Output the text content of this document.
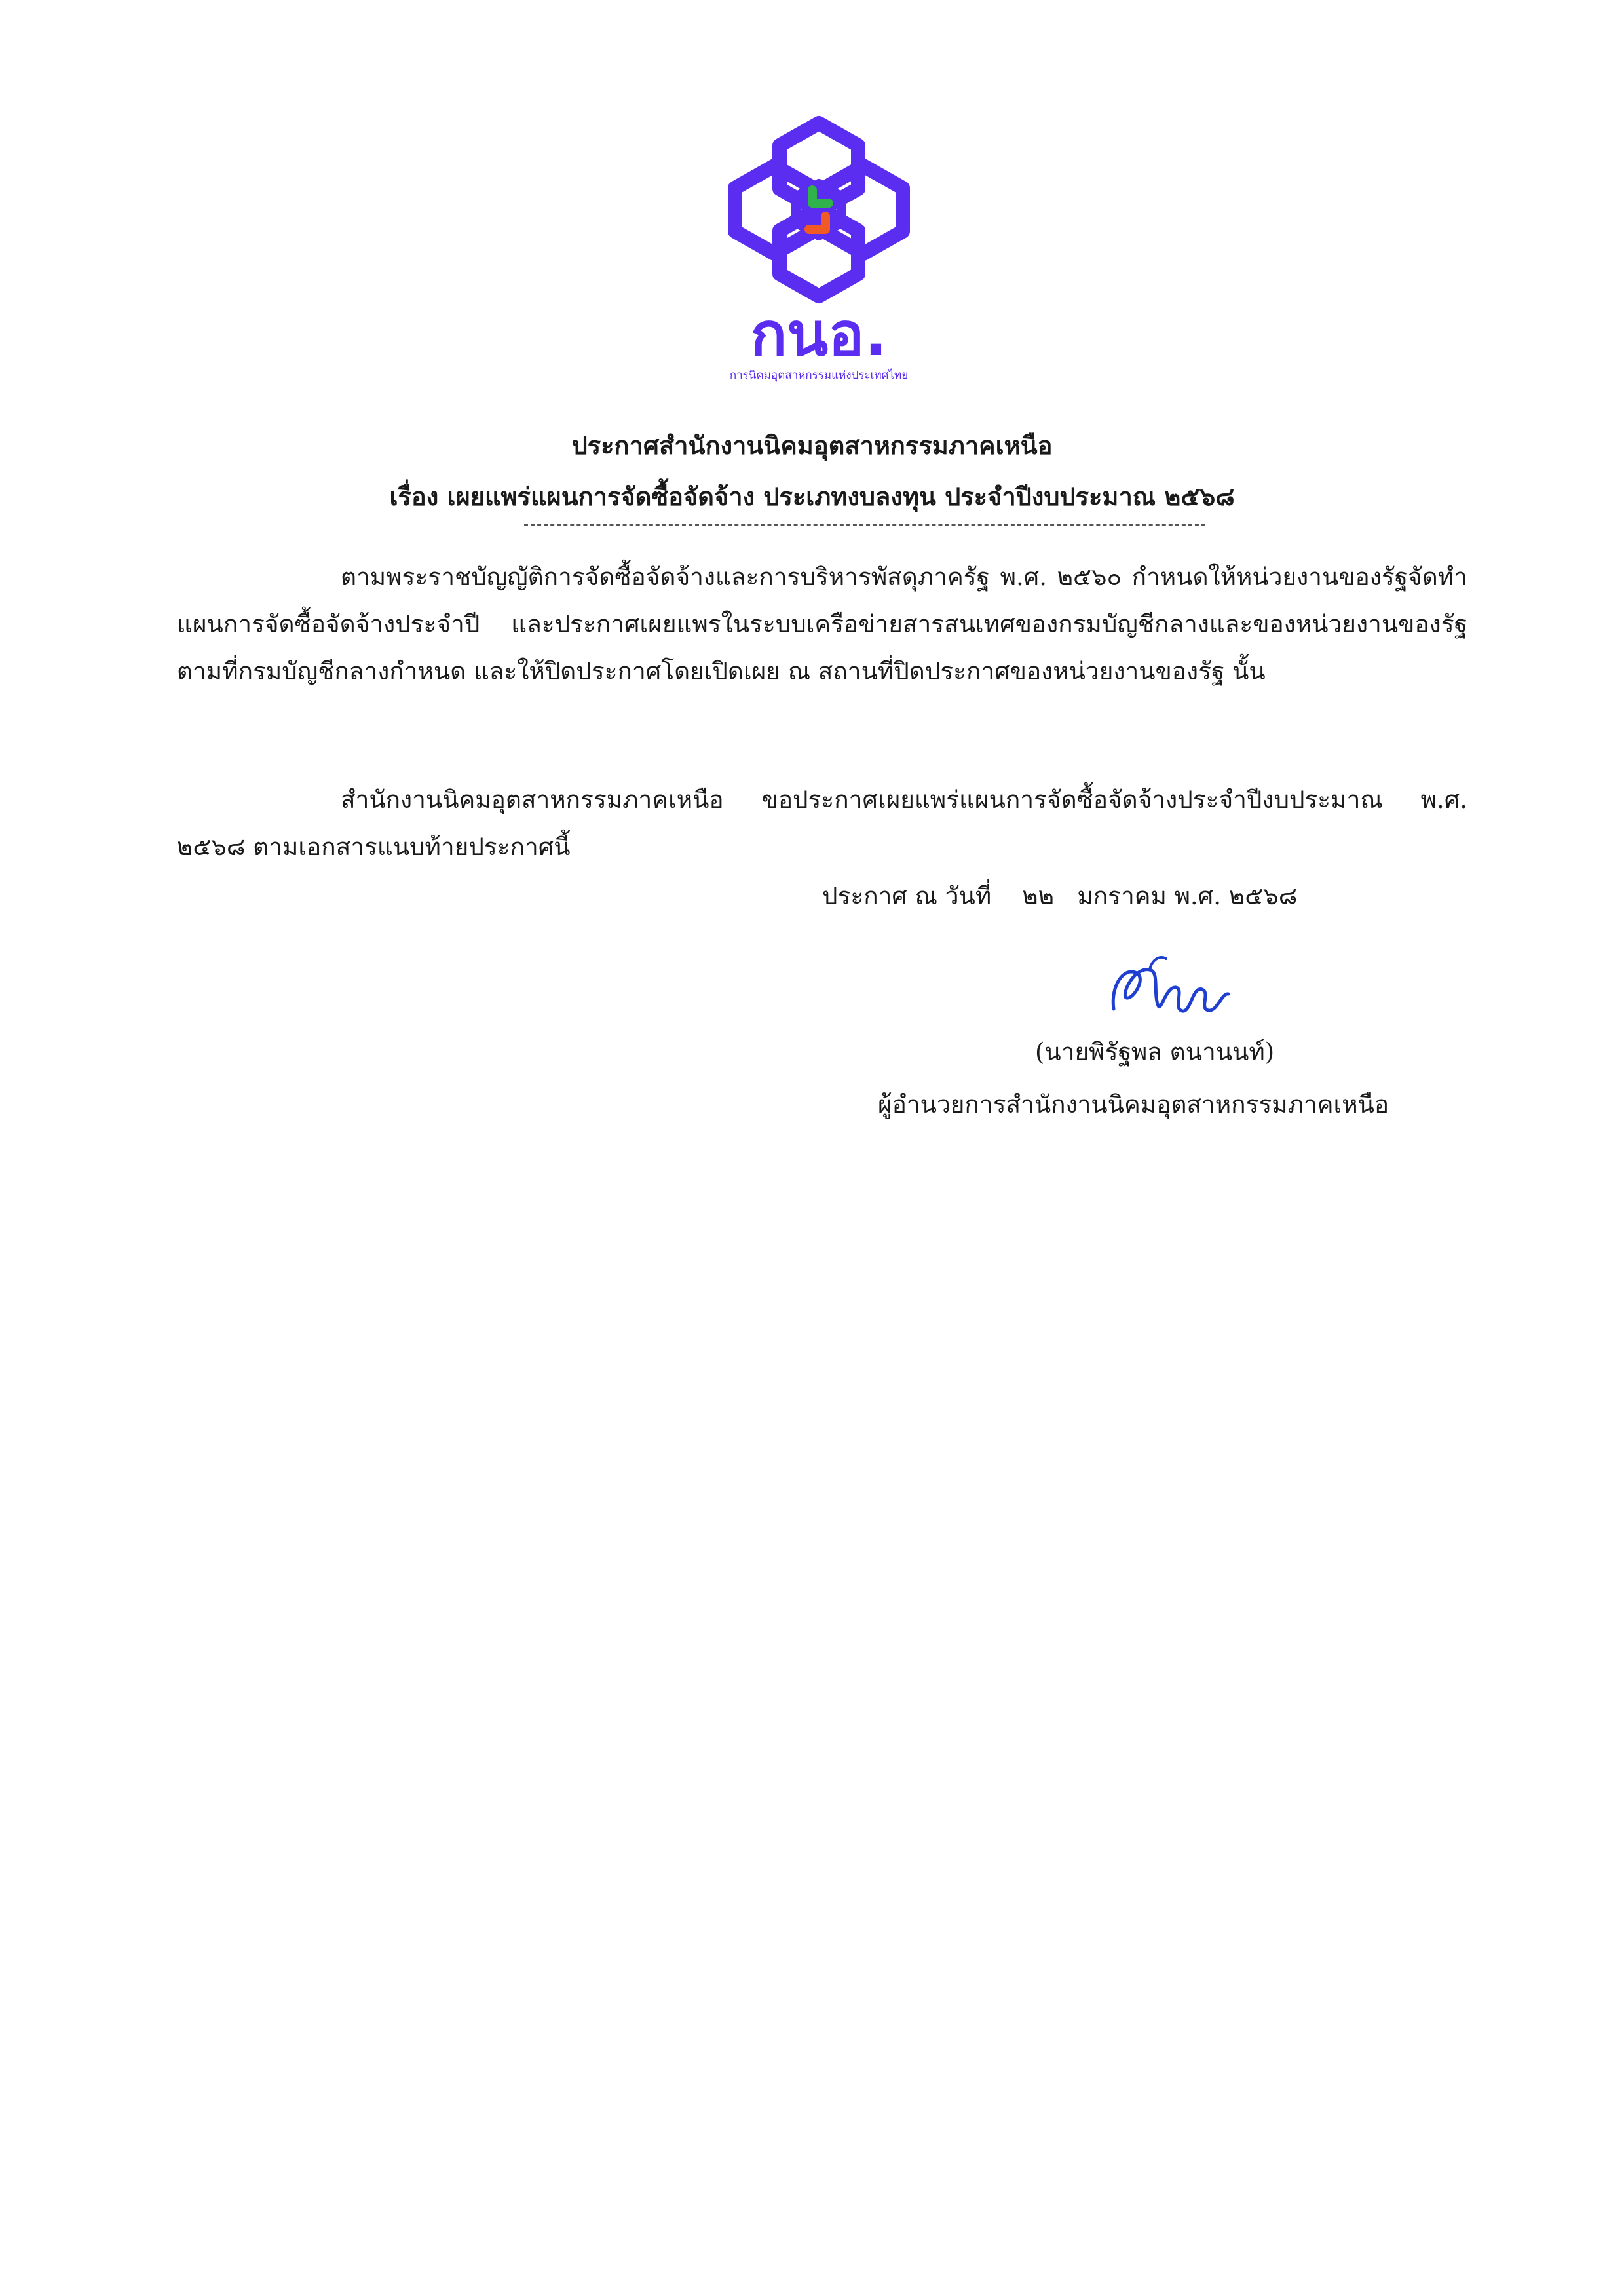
กนอ.
การนิคมอุตสาหกรรมแห่งประเทศไทย
ประกาศสำนักงานนิคมอุตสาหกรรมภาคเหนือ
เรื่อง เผยแพร่แผนการจัดซื้อจัดจ้าง ประเภทงบลงทุน ประจำปีงบประมาณ ๒๕๖๘
ตามพระราชบัญญัติการจัดซื้อจัดจ้างและการบริหารพัสดุภาครัฐ พ.ศ. ๒๕๖๐ กำหนดให้หน่วยงานของรัฐจัดทำแผนการจัดซื้อจัดจ้างประจำปี และประกาศเผยแพรในระบบเครือข่ายสารสนเทศของกรมบัญชีกลางและของหน่วยงานของรัฐตามที่กรมบัญชีกลางกำหนด และให้ปิดประกาศโดยเปิดเผย ณ สถานที่ปิดประกาศของหน่วยงานของรัฐ นั้น
สำนักงานนิคมอุตสาหกรรมภาคเหนือ ขอประกาศเผยแพร่แผนการจัดซื้อจัดจ้างประจำปีงบประมาณ พ.ศ. ๒๕๖๘ ตามเอกสารแนบท้ายประกาศนี้
ประกาศ ณ วันที่    ๒๒   มกราคม พ.ศ. ๒๕๖๘
(นายพิรัฐพล ตนานนท์)
ผู้อำนวยการสำนักงานนิคมอุตสาหกรรมภาคเหนือ
